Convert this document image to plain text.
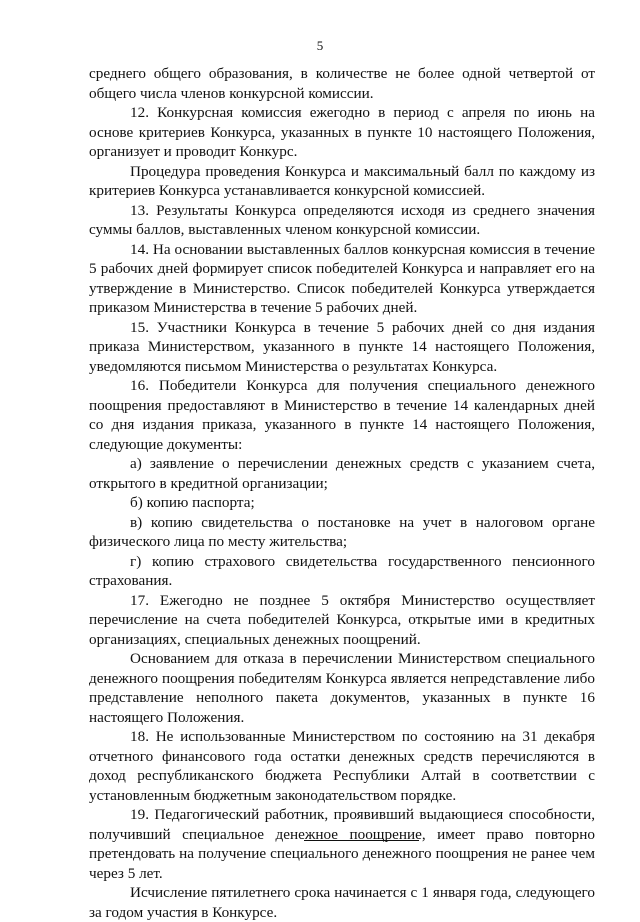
5

среднего общего образования, в количестве не более одной четвертой от общего числа членов конкурсной комиссии.

12. Конкурсная комиссия ежегодно в период с апреля по июнь на основе критериев Конкурса, указанных в пункте 10 настоящего Положения, организует и проводит Конкурс.

Процедура проведения Конкурса и максимальный балл по каждому из критериев Конкурса устанавливается конкурсной комиссией.

13. Результаты Конкурса определяются исходя из среднего значения суммы баллов, выставленных членом конкурсной комиссии.

14. На основании выставленных баллов конкурсная комиссия в течение 5 рабочих дней формирует список победителей Конкурса и направляет его на утверждение в Министерство. Список победителей Конкурса утверждается приказом Министерства в течение 5 рабочих дней.

15. Участники Конкурса в течение 5 рабочих дней со дня издания приказа Министерством, указанного в пункте 14 настоящего Положения, уведомляются письмом Министерства о результатах Конкурса.

16. Победители Конкурса для получения специального денежного поощрения предоставляют в Министерство в течение 14 календарных дней со дня издания приказа, указанного в пункте 14 настоящего Положения, следующие документы:

а) заявление о перечислении денежных средств с указанием счета, открытого в кредитной организации;

б) копию паспорта;

в) копию свидетельства о постановке на учет в налоговом органе физического лица по месту жительства;

г) копию страхового свидетельства государственного пенсионного страхования.

17. Ежегодно не позднее 5 октября Министерство осуществляет перечисление на счета победителей Конкурса, открытые ими в кредитных организациях, специальных денежных поощрений.

Основанием для отказа в перечислении Министерством специального денежного поощрения победителям Конкурса является непредставление либо представление неполного пакета документов, указанных в пункте 16 настоящего Положения.

18. Не использованные Министерством по состоянию на 31 декабря отчетного финансового года остатки денежных средств перечисляются в доход республиканского бюджета Республики Алтай в соответствии с установленным бюджетным законодательством порядке.

19. Педагогический работник, проявивший выдающиеся способности, получивший специальное денежное поощрение, имеет право повторно претендовать на получение специального денежного поощрения не ранее чем через 5 лет.

Исчисление пятилетнего срока начинается с 1 января года, следующего за годом участия в Конкурсе.
